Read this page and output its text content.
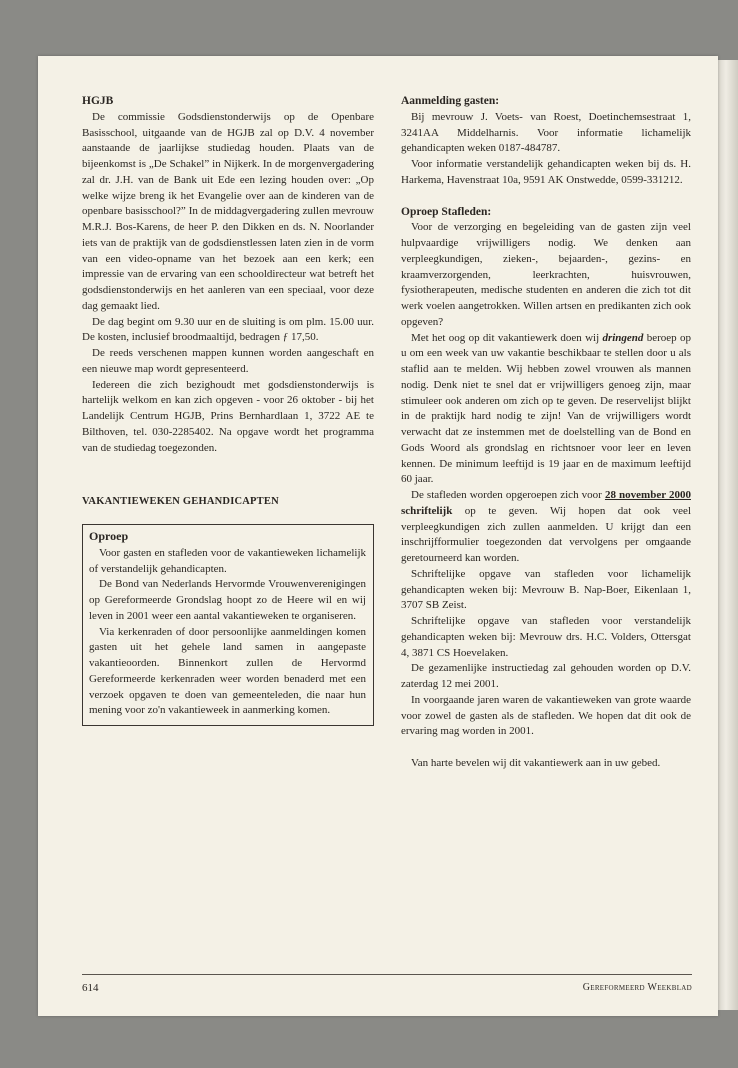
HGJB

De commissie Godsdienstonderwijs op de Openbare Basisschool, uitgaande van de HGJB zal op D.V. 4 november aanstaande de jaarlijkse studiedag houden. Plaats van de bijeenkomst is „De Schakel” in Nijkerk. In de morgenvergadering zal dr. J.H. van de Bank uit Ede een lezing houden over: „Op welke wijze breng ik het Evangelie over aan de kinderen van de openbare basisschool?” In de middagvergadering zullen mevrouw M.R.J. Bos-Karens, de heer P. den Dikken en ds. N. Noorlander iets van de praktijk van de godsdienstlessen laten zien in de vorm van een video-opname van het bezoek aan een kerk; een impressie van de ervaring van een schooldirecteur wat betreft het godsdienstonderwijs en het aanleren van een speciaal, voor deze dag gemaakt lied.

De dag begint om 9.30 uur en de sluiting is om plm. 15.00 uur. De kosten, inclusief broodmaaltijd, bedragen ƒ 17,50.

De reeds verschenen mappen kunnen worden aangeschaft en een nieuwe map wordt gepresenteerd.

Iedereen die zich bezighoudt met godsdienstonderwijs is hartelijk welkom en kan zich opgeven - voor 26 oktober - bij het Landelijk Centrum HGJB, Prins Bernhardlaan 1, 3722 AE te Bilthoven, tel. 030-2285402. Na opgave wordt het programma van de studiedag toegezonden.

VAKANTIEWEKEN GEHANDICAPTEN
Oproep

Voor gasten en stafleden voor de vakantieweken lichamelijk of verstandelijk gehandicapten.

De Bond van Nederlands Hervormde Vrouwenverenigingen op Gereformeerde Grondslag hoopt zo de Heere wil en wij leven in 2001 weer een aantal vakantieweken te organiseren.

Via kerkenraden of door persoonlijke aanmeldingen komen gasten uit het gehele land samen in aangepaste vakantieoorden. Binnenkort zullen de Hervormd Gereformeerde kerkenraden weer worden benaderd met een verzoek opgaven te doen van gemeenteleden, die naar hun mening voor zo'n vakantieweek in aanmerking komen.

Aanmelding gasten:

Bij mevrouw J. Voets- van Roest, Doetinchemsestraat 1, 3241AA Middelharnis. Voor informatie lichamelijk gehandicapten weken 0187-484787.

Voor informatie verstandelijk gehandicapten weken bij ds. H. Harkema, Havenstraat 10a, 9591 AK Onstwedde, 0599-331212.

Oproep Stafleden:

Voor de verzorging en begeleiding van de gasten zijn veel hulpvaardige vrijwilligers nodig. We denken aan verpleegkundigen, zieken-, bejaarden-, gezins- en kraamverzorgenden, leerkrachten, huisvrouwen, fysiotherapeuten, medische studenten en anderen die zich tot dit werk voelen aangetrokken. Willen artsen en predikanten zich ook opgeven?

Met het oog op dit vakantiewerk doen wij dringend beroep op u om een week van uw vakantie beschikbaar te stellen door u als staflid aan te melden. Wij hebben zowel vrouwen als mannen nodig. Denk niet te snel dat er vrijwilligers genoeg zijn, maar stimuleer ook anderen om zich op te geven. De reservelijst blijkt in de praktijk hard nodig te zijn! Van de vrijwilligers wordt verwacht dat ze instemmen met de doelstelling van de Bond en Gods Woord als grondslag en richtsnoer voor leer en leven kennen. De minimum leeftijd is 19 jaar en de maximum leeftijd 60 jaar.

De stafleden worden opgeroepen zich voor 28 november 2000 schriftelijk op te geven. Wij hopen dat ook veel verpleegkundigen zich zullen aanmelden. U krijgt dan een inschrijfformulier toegezonden dat vervolgens per omgaande geretourneerd kan worden.

Schriftelijke opgave van stafleden voor lichamelijk gehandicapten weken bij: Mevrouw B. Nap-Boer, Eikenlaan 1, 3707 SB Zeist.

Schriftelijke opgave van stafleden voor verstandelijk gehandicapten weken bij: Mevrouw drs. H.C. Volders, Ottersgat 4, 3871 CS Hoevelaken.

De gezamenlijke instructiedag zal gehouden worden op D.V. zaterdag 12 mei 2001.

In voorgaande jaren waren de vakantieweken van grote waarde voor zowel de gasten als de stafleden. We hopen dat dit ook de ervaring mag worden in 2001.

Van harte bevelen wij dit vakantiewerk aan in uw gebed.

614	Gereformeerd Weekblad
